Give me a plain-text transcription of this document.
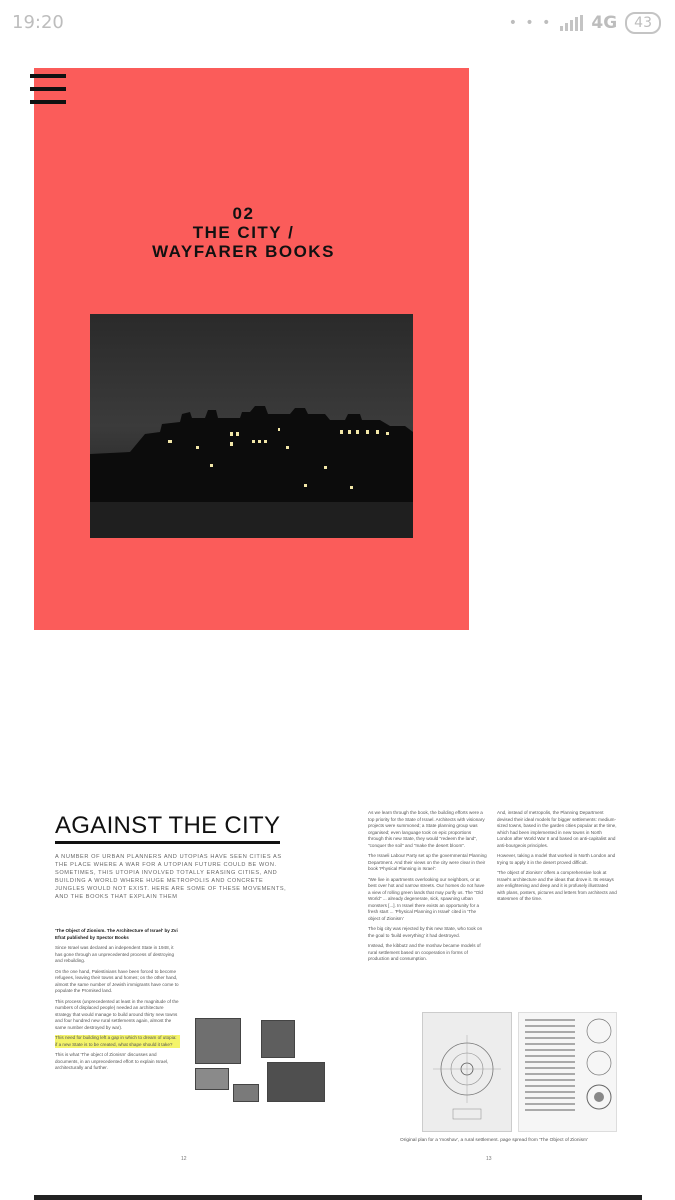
19:20	• • • 4G	43
02
THE CITY /
WAYFARER BOOKS
AGAINST THE CITY
A NUMBER OF URBAN PLANNERS AND UTOPIAS HAVE SEEN CITIES AS THE PLACE WHERE A WAR FOR A UTOPIAN FUTURE COULD BE WON. SOMETIMES, THIS UTOPIA INVOLVED TOTALLY ERASING CITIES, AND BUILDING A WORLD WHERE HUGE METROPOLIS AND CONCRETE JUNGLES WOULD NOT EXIST. HERE ARE SOME OF THESE MOVEMENTS, AND THE BOOKS THAT EXPLAIN THEM

'The Object of Zionism. The Architecture of Israel' by Zvi Efrat published by Spector Books

Since Israel was declared an independent State in 1948, it has gone through an unprecedented process of destroying and rebuilding.

On the one hand, Palestinians have been forced to become refugees, leaving their towns and homes; on the other hand, almost the same number of Jewish immigrants have come to populate the Promised land.

This process (unprecedented at least in the magnitude of the numbers of displaced people) needed an architecture strategy that would manage to build around thirty new towns and four hundred new rural settlements again, almost the same number destroyed by war).

This need for building left a gap in which to dream of utopia: if a new State is to be created, what shape should it take?

This is what 'The object of Zionism' discusses and documents, in an unprecedented effort to explain Israel, architecturally and further.

As we learn through the book, the building efforts were a top priority for the State of Israel. Architects with visionary projects were summoned; a State planning group was organised; even language took on epic proportions through this new State, they would "redeem the land", "conquer the soil" and "make the desert bloom".

The Israeli Labour Party set up the governmental Planning Department. And their views on the city were clear in their book 'Physical Planning in Israel':

"We live in apartments overlooking our neighbors, or at best over hot and narrow streets. Our homes do not have a view of rolling green lands that may purify us. The "Old World" ... already degenerate, sick, spawning urban monsters [...]. In Israel there exists an opportunity for a fresh start ... 'Physical Planning in Israel' cited in 'The object of Zionism'

The big city was rejected by this new State, who took on the goal to 'build everything' it had destroyed.

Instead, the kibbutz and the moshav became models of rural settlement based on cooperation in forms of production and consumption.

And, instead of metropolis, the Planning Department devised their ideal models for bigger settlements: medium-sized towns, based in the garden cities popular at the time, which had been implemented in new towns in North London after World War II and based on anti-capitalist and anti-bourgeois principles.

However, taking a model that worked in North London and trying to apply it in the desert proved difficult.

'The object of Zionism' offers a comprehensive look at Israel's architecture and the ideas that drove it. Its essays are enlightening and deep and it is profusely illustrated with plans, posters, pictures and letters from architects and statesmen of the time.

Original plan for a 'moshav', a rural settlement. page spread from 'The Object of Zionism'
12	13
